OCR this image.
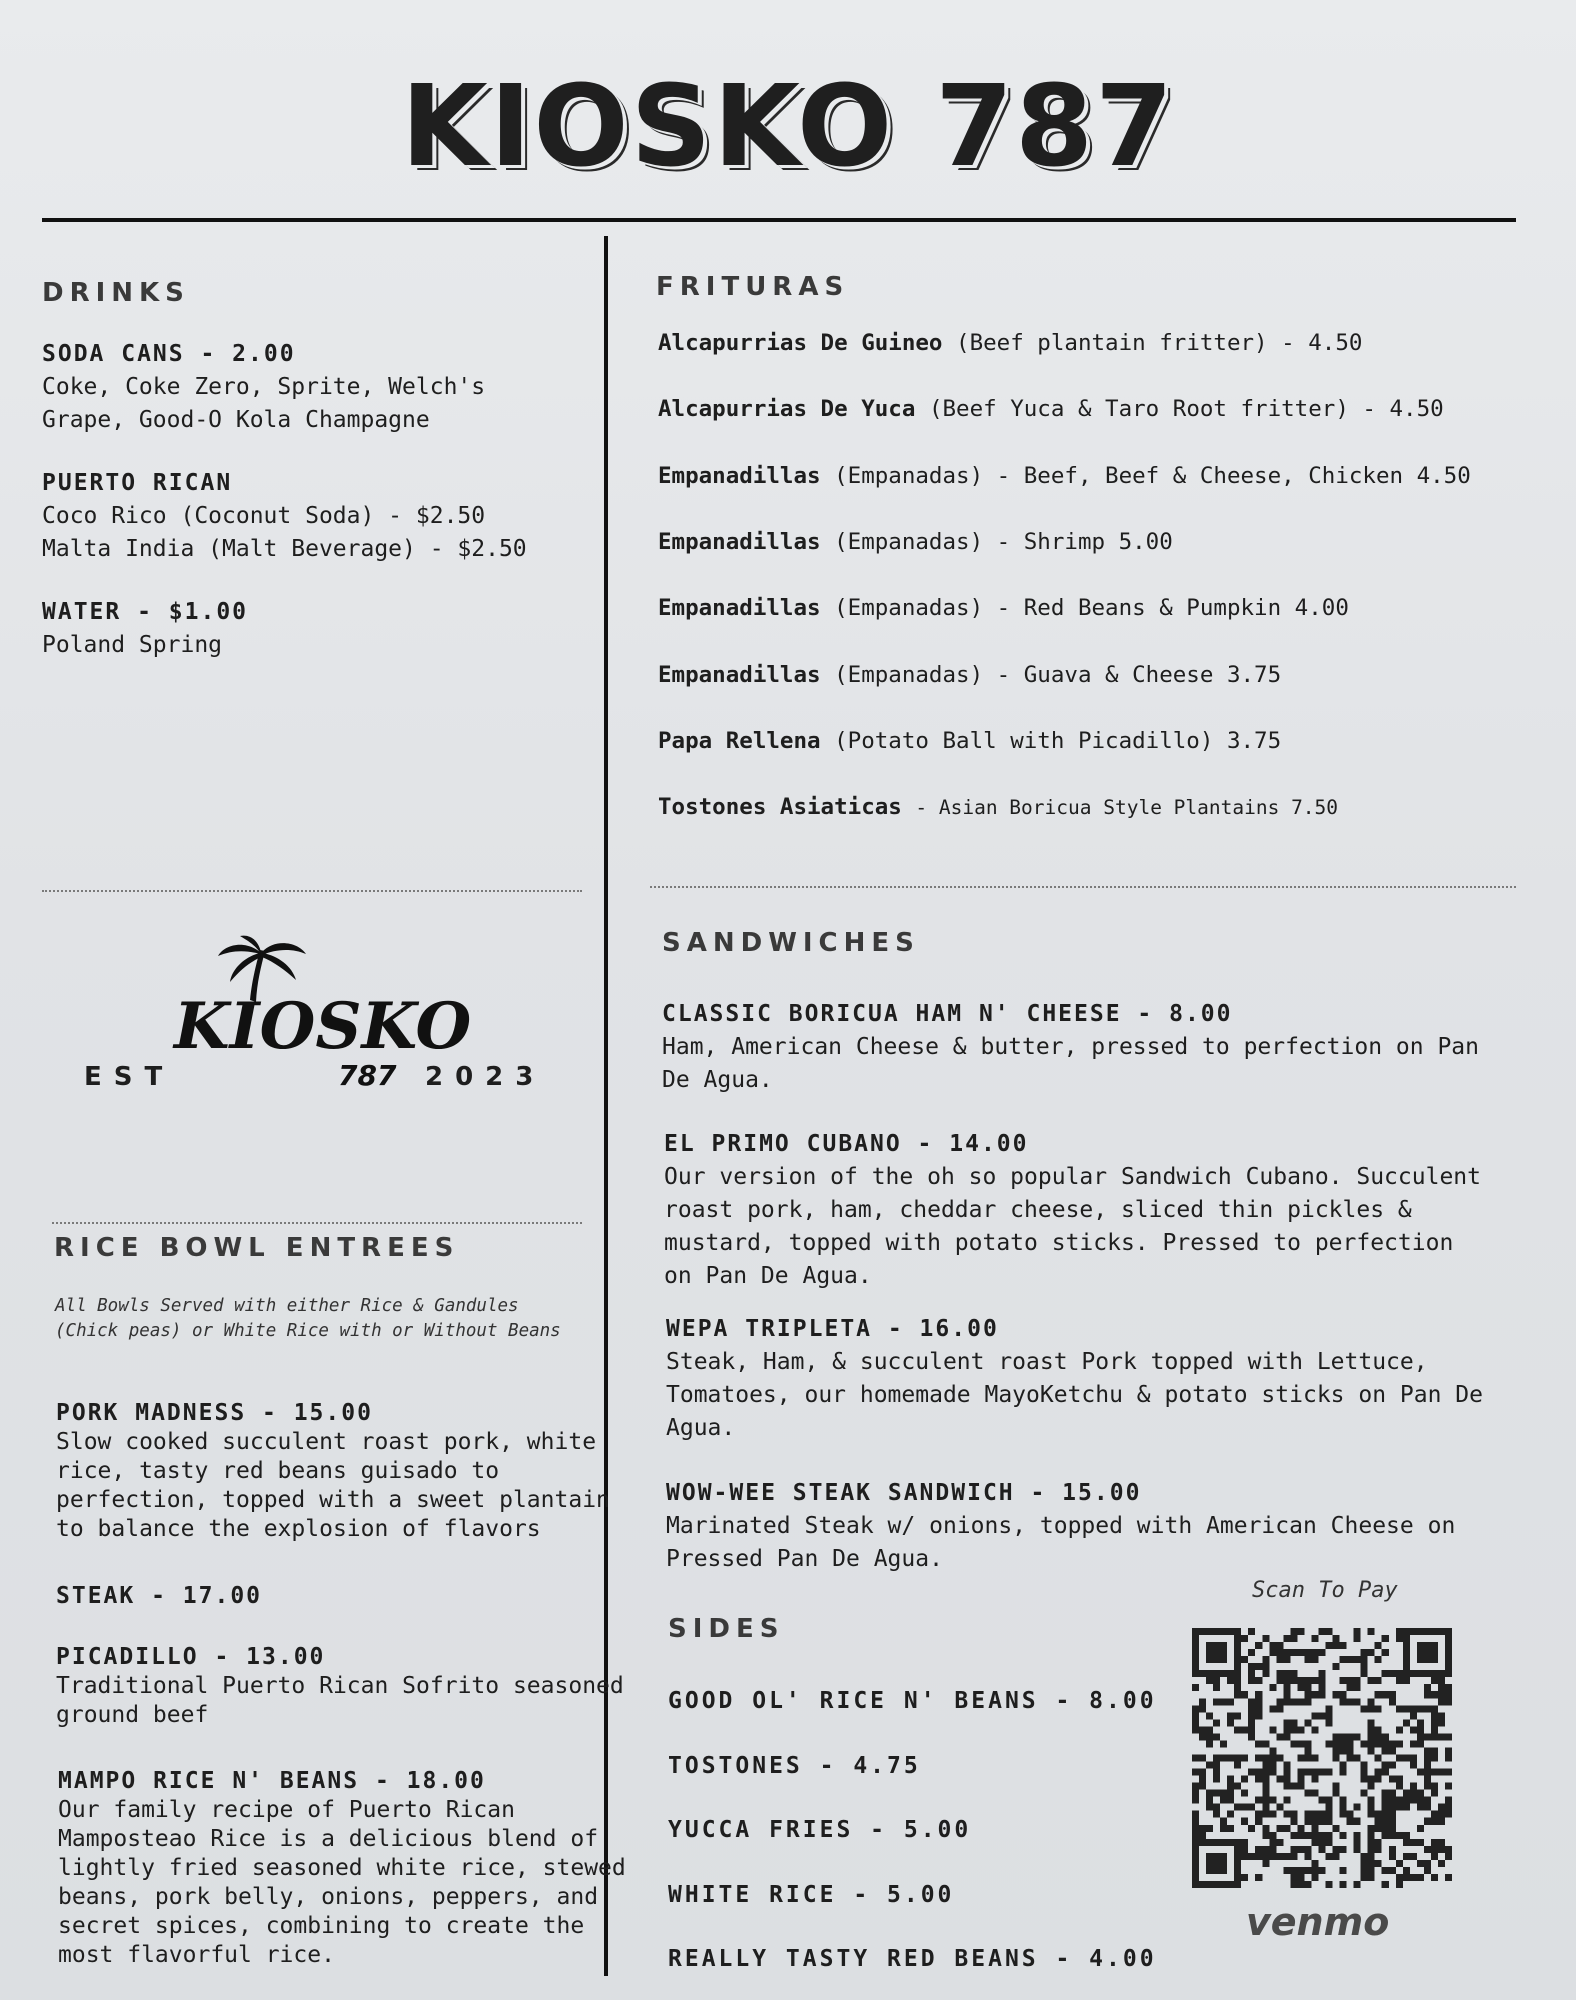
KIOSKO 787
DRINKS
SODA CANS - 2.00
Coke, Coke Zero, Sprite, Welch's
Grape, Good-O Kola Champagne
PUERTO RICAN
Coco Rico (Coconut Soda) - $2.50
Malta India (Malt Beverage) - $2.50
WATER - $1.00
Poland Spring
FRITURAS
Alcapurrias De Guineo (Beef plantain fritter) - 4.50
Alcapurrias De Yuca (Beef Yuca & Taro Root fritter) - 4.50
Empanadillas (Empanadas) - Beef, Beef & Cheese, Chicken 4.50
Empanadillas (Empanadas) - Shrimp 5.00
Empanadillas (Empanadas) - Red Beans & Pumpkin 4.00
Empanadillas (Empanadas) - Guava & Cheese 3.75
Papa Rellena (Potato Ball with Picadillo) 3.75
Tostones Asiaticas - Asian Boricua Style Plantains 7.50
KIOSKO
787
EST	2023
RICE BOWL ENTREES
All Bowls Served with either Rice & Gandules (Chick peas) or White Rice with or Without Beans
PORK MADNESS - 15.00
Slow cooked succulent roast pork, white
rice, tasty red beans guisado to
perfection, topped with a sweet plantain
to balance the explosion of flavors
STEAK - 17.00
PICADILLO - 13.00
Traditional Puerto Rican Sofrito seasoned
ground beef
MAMPO RICE N' BEANS - 18.00
Our family recipe of Puerto Rican
Mamposteao Rice is a delicious blend of
lightly fried seasoned white rice, stewed
beans, pork belly, onions, peppers, and
secret spices, combining to create the
most flavorful rice.
SANDWICHES
CLASSIC BORICUA HAM N' CHEESE - 8.00
Ham, American Cheese & butter, pressed to perfection on Pan
De Agua.
EL PRIMO CUBANO - 14.00
Our version of the oh so popular Sandwich Cubano. Succulent
roast pork, ham, cheddar cheese, sliced thin pickles &
mustard, topped with potato sticks. Pressed to perfection
on Pan De Agua.
WEPA TRIPLETA - 16.00
Steak, Ham, & succulent roast Pork topped with Lettuce,
Tomatoes, our homemade MayoKetchu & potato sticks on Pan De
Agua.
WOW-WEE STEAK SANDWICH - 15.00
Marinated Steak w/ onions, topped with American Cheese on
Pressed Pan De Agua.
SIDES
GOOD OL' RICE N' BEANS - 8.00
TOSTONES - 4.75
YUCCA FRIES - 5.00
WHITE RICE - 5.00
REALLY TASTY RED BEANS - 4.00
Scan To Pay
venmo
